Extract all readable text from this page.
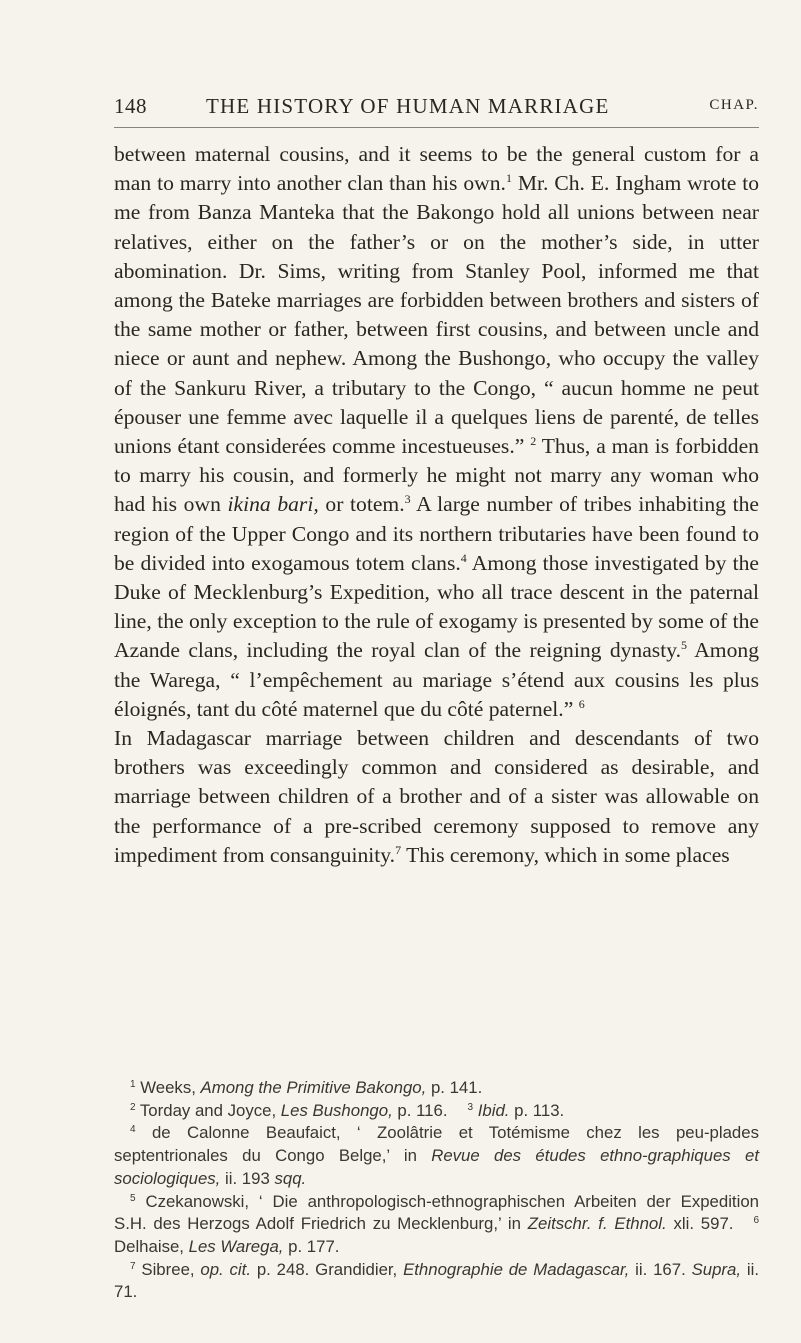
148	THE HISTORY OF HUMAN MARRIAGE	CHAP.

between maternal cousins, and it seems to be the general custom for a man to marry into another clan than his own.$^1$ Mr. Ch. E. Ingham wrote to me from Banza Manteka that the Bakongo hold all unions between near relatives, either on the father’s or on the mother’s side, in utter abomination. Dr. Sims, writing from Stanley Pool, informed me that among the Bateke marriages are forbidden between brothers and sisters of the same mother or father, between first cousins, and between uncle and niece or aunt and nephew. Among the Bushongo, who occupy the valley of the Sankuru River, a tributary to the Congo, “ aucun homme ne peut épouser une femme avec laquelle il a quelques liens de parenté, de telles unions étant considerées comme incestueuses.” $^2$ Thus, a man is forbidden to marry his cousin, and formerly he might not marry any woman who had his own ikina bari, or totem.$^3$ A large number of tribes inhabiting the region of the Upper Congo and its northern tributaries have been found to be divided into exogamous totem clans.$^4$ Among those investigated by the Duke of Mecklenburg’s Expedition, who all trace descent in the paternal line, the only exception to the rule of exogamy is presented by some of the Azande clans, including the royal clan of the reigning dynasty.$^5$ Among the Warega, “ l’empêchement au mariage s’étend aux cousins les plus éloignés, tant du côté maternel que du côté paternel.” $^6$

In Madagascar marriage between children and descendants of two brothers was exceedingly common and considered as desirable, and marriage between children of a brother and of a sister was allowable on the performance of a pre-scribed ceremony supposed to remove any impediment from consanguinity.$^7$ This ceremony, which in some places

$^1$ Weeks, Among the Primitive Bakongo, p. 141.

$^2$ Torday and Joyce, Les Bushongo, p. 116. $^3$ Ibid. p. 113.

$^4$ de Calonne Beaufaict, ‘ Zoolâtrie et Totémisme chez les peu-plades septentrionales du Congo Belge,’ in Revue des études ethno-graphiques et sociologiques, ii. 193 sqq.

$^5$ Czekanowski, ‘ Die anthropologisch-ethnographischen Arbeiten der Expedition S.H. des Herzogs Adolf Friedrich zu Mecklenburg,’ in Zeitschr. f. Ethnol. xli. 597. $^6$ Delhaise, Les Warega, p. 177.

$^7$ Sibree, op. cit. p. 248. Grandidier, Ethnographie de Madagascar, ii. 167. Supra, ii. 71.
